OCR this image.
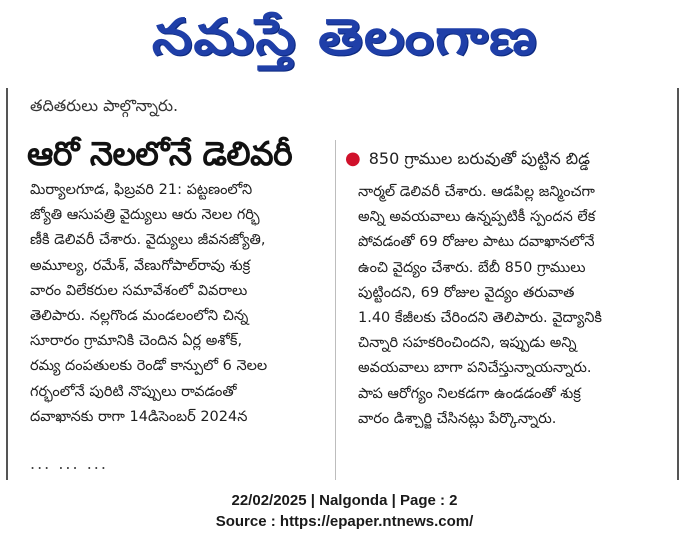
నమస్తే తెలంగాణ
తదితరులు పాల్గొన్నారు.
ఆరో నెలలోనే డెలివరీ	● 850 గ్రాముల బరువుతో పుట్టిన బిడ్డ
మిర్యాలగూడ, ఫిబ్రవరి 21: పట్టణంలోని
జ్యోతి ఆసుపత్రి వైద్యులు ఆరు నెలల గర్భి
ణీకి డెలివరీ చేశారు. వైద్యులు జీవనజ్యోతి,
అమూల్య, రమేశ్, వేణుగోపాల్‌రావు శుక్ర
వారం విలేకరుల సమావేశంలో వివరాలు
తెలిపారు. నల్లగొండ మండలంలోని చిన్న
సూరారం గ్రామానికి చెందిన ఏర్ల అశోక్,
రమ్య దంపతులకు రెండో కాన్పులో 6 నెలల
గర్భంలోనే పురిటి నొప్పులు రావడంతో
దవాఖానకు రాగా 14డిసెంబర్ 2024న
నార్మల్ డెలివరీ చేశారు. ఆడపిల్ల జన్మించగా
అన్ని అవయవాలు ఉన్నప్పటికీ స్పందన లేక
పోవడంతో 69 రోజుల పాటు దవాఖానలోనే
ఉంచి వైద్యం చేశారు. బేబీ 850 గ్రాములు
పుట్టిందని, 69 రోజుల వైద్యం తరువాత
1.40 కేజీలకు చేరిందని తెలిపారు. వైద్యానికి
చిన్నారి సహకరించిందని, ఇప్పుడు అన్ని
అవయవాలు బాగా పనిచేస్తున్నాయన్నారు.
పాప ఆరోగ్యం నిలకడగా ఉండడంతో శుక్ర
వారం డిశ్చార్జి చేసినట్లు పేర్కొన్నారు.
... ... ...
22/02/2025 | Nalgonda | Page : 2
Source : https://epaper.ntnews.com/
